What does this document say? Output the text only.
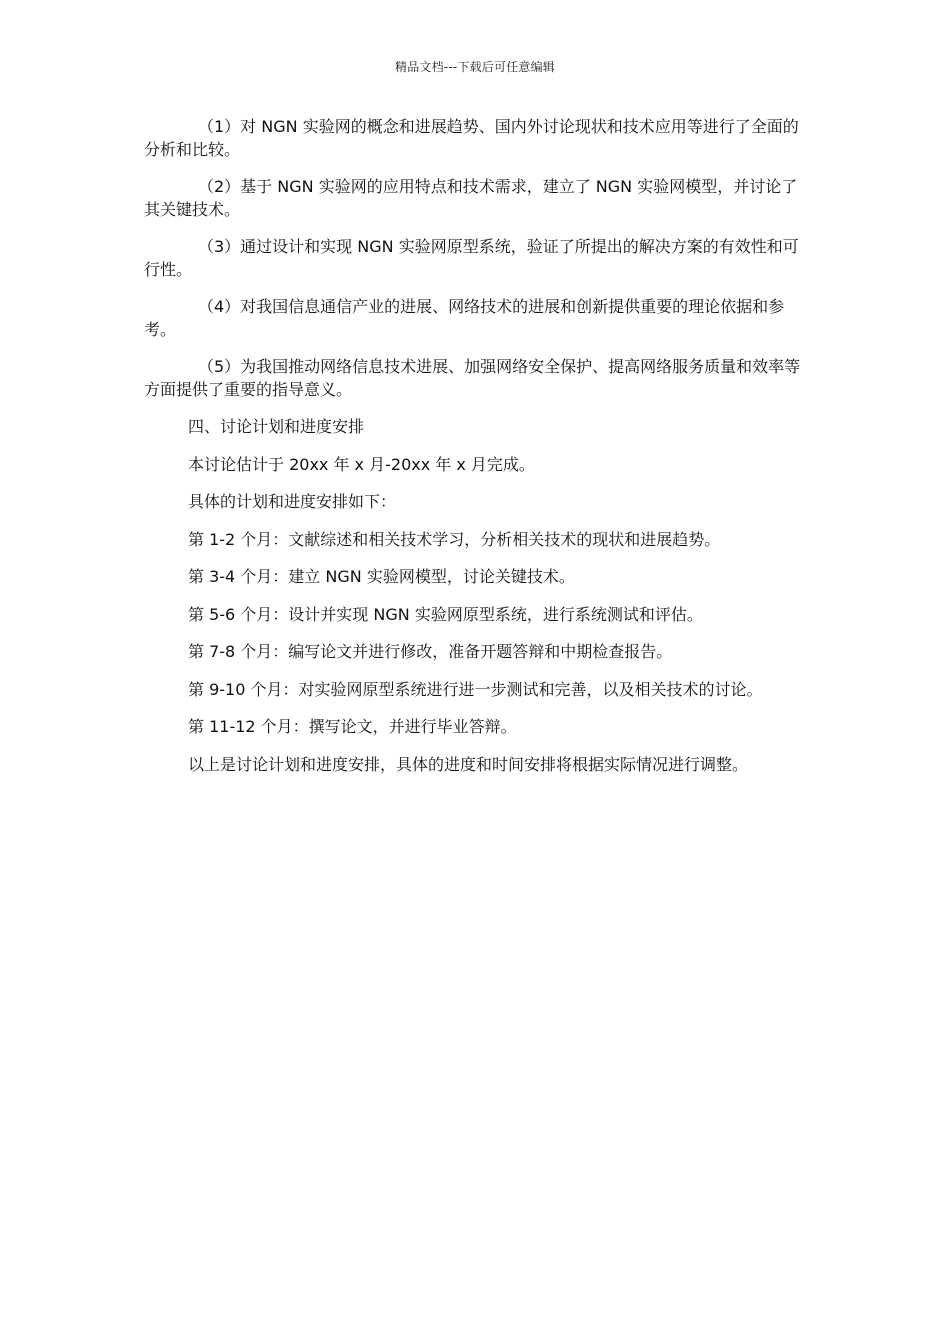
精品文档---下载后可任意编辑

（1）对 NGN 实验网的概念和进展趋势、国内外讨论现状和技术应用等进行了全面的分析和比较。

（2）基于 NGN 实验网的应用特点和技术需求，建立了 NGN 实验网模型，并讨论了其关键技术。

（3）通过设计和实现 NGN 实验网原型系统，验证了所提出的解决方案的有效性和可行性。

（4）对我国信息通信产业的进展、网络技术的进展和创新提供重要的理论依据和参考。

（5）为我国推动网络信息技术进展、加强网络安全保护、提高网络服务质量和效率等方面提供了重要的指导意义。

四、讨论计划和进度安排

本讨论估计于 20xx 年 x 月-20xx 年 x 月完成。

具体的计划和进度安排如下：

第 1-2 个月：文献综述和相关技术学习，分析相关技术的现状和进展趋势。

第 3-4 个月：建立 NGN 实验网模型，讨论关键技术。

第 5-6 个月：设计并实现 NGN 实验网原型系统，进行系统测试和评估。

第 7-8 个月：编写论文并进行修改，准备开题答辩和中期检查报告。

第 9-10 个月：对实验网原型系统进行进一步测试和完善，以及相关技术的讨论。

第 11-12 个月：撰写论文，并进行毕业答辩。

以上是讨论计划和进度安排，具体的进度和时间安排将根据实际情况进行调整。
